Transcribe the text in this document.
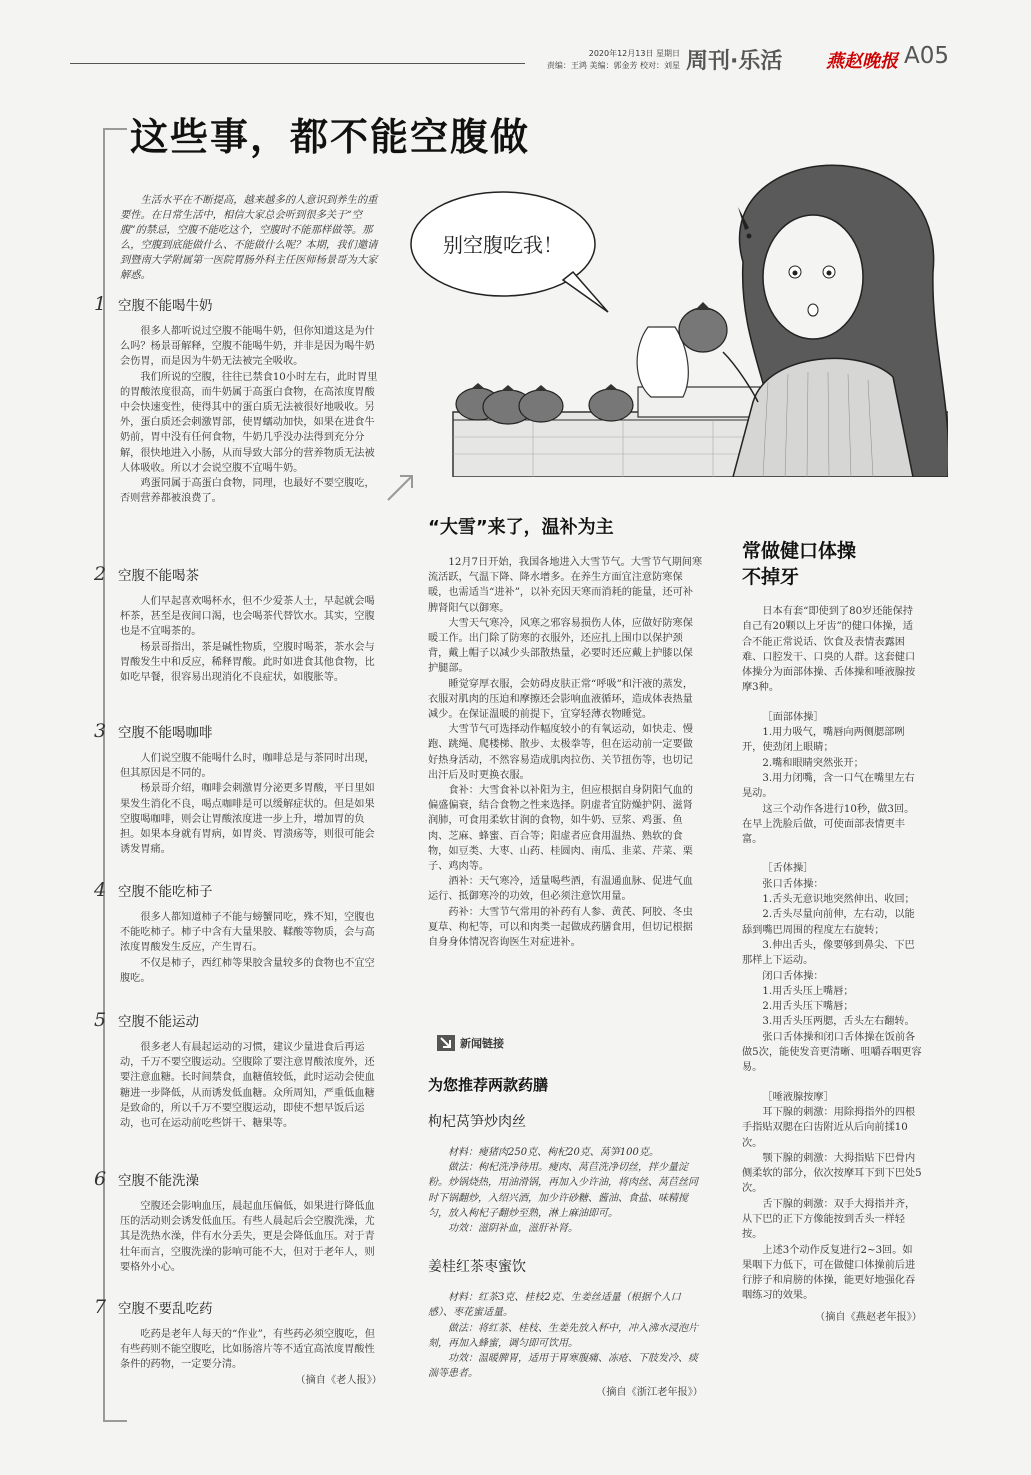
2020年12月13日 星期日
责编：王鸿 美编：郭金芳 校对：刘星 周刊·乐活 燕赵晚报 A05
这些事，都不能空腹做

生活水平在不断提高，越来越多的人意识到养生的重要性。在日常生活中，相信大家总会听到很多关于“空腹”的禁忌，空腹不能吃这个，空腹时不能那样做等。那么，空腹到底能做什么、不能做什么呢？本期，我们邀请到暨南大学附属第一医院胃肠外科主任医师杨景哥为大家解惑。

1 空腹不能喝牛奶

很多人都听说过空腹不能喝牛奶，但你知道这是为什么吗？杨景哥解释，空腹不能喝牛奶，并非是因为喝牛奶会伤胃，而是因为牛奶无法被完全吸收。

我们所说的空腹，往往已禁食10小时左右，此时胃里的胃酸浓度很高，而牛奶属于高蛋白食物，在高浓度胃酸中会快速变性，使得其中的蛋白质无法被很好地吸收。另外，蛋白质还会刺激胃部，使胃蠕动加快，如果在进食牛奶前，胃中没有任何食物，牛奶几乎没办法得到充分分解，很快地进入小肠，从而导致大部分的营养物质无法被人体吸收。所以才会说空腹不宜喝牛奶。

鸡蛋同属于高蛋白食物，同理，也最好不要空腹吃，否则营养都被浪费了。

2 空腹不能喝茶

人们早起喜欢喝杯水，但不少爱茶人士，早起就会喝杯茶，甚至是夜间口渴，也会喝茶代替饮水。其实，空腹也是不宜喝茶的。

杨景哥指出，茶是碱性物质，空腹时喝茶，茶水会与胃酸发生中和反应，稀释胃酸。此时如进食其他食物，比如吃早餐，很容易出现消化不良症状，如腹胀等。

3 空腹不能喝咖啡

人们说空腹不能喝什么时，咖啡总是与茶同时出现，但其原因是不同的。

杨景哥介绍，咖啡会刺激胃分泌更多胃酸，平日里如果发生消化不良，喝点咖啡是可以缓解症状的。但是如果空腹喝咖啡，则会让胃酸浓度进一步上升，增加胃的负担。如果本身就有胃病，如胃炎、胃溃疡等，则很可能会诱发胃痛。

4 空腹不能吃柿子

很多人都知道柿子不能与螃蟹同吃，殊不知，空腹也不能吃柿子。柿子中含有大量果胶、鞣酸等物质，会与高浓度胃酸发生反应，产生胃石。

不仅是柿子，西红柿等果胶含量较多的食物也不宜空腹吃。

5 空腹不能运动

很多老人有晨起运动的习惯，建议少量进食后再运动，千万不要空腹运动。空腹除了要注意胃酸浓度外，还要注意血糖。长时间禁食，血糖值较低，此时运动会使血糖进一步降低，从而诱发低血糖。众所周知，严重低血糖是致命的，所以千万不要空腹运动，即使不想早饭后运动，也可在运动前吃些饼干、糖果等。

6 空腹不能洗澡

空腹还会影响血压，晨起血压偏低，如果进行降低血压的活动则会诱发低血压。有些人晨起后会空腹洗澡，尤其是洗热水澡，伴有水分丢失，更是会降低血压。对于青壮年而言，空腹洗澡的影响可能不大，但对于老年人，则要格外小心。

7 空腹不要乱吃药

吃药是老年人每天的“作业”，有些药必须空腹吃，但有些药则不能空腹吃，比如肠溶片等不适宜高浓度胃酸性条件的药物，一定要分清。

（摘自《老人报》）

别空腹吃我！
“大雪”来了，温补为主

12月7日开始，我国各地进入大雪节气。大雪节气期间寒流活跃，气温下降、降水增多。在养生方面宜注意防寒保暖，也需适当“进补”，以补充因天寒而消耗的能量，还可补脾肾阳气以御寒。

大雪天气寒冷，风寒之邪容易损伤人体，应做好防寒保暖工作。出门除了防寒的衣服外，还应扎上围巾以保护颈背，戴上帽子以减少头部散热量，必要时还应戴上护膝以保护腿部。

睡觉穿厚衣服，会妨碍皮肤正常“呼吸”和汗液的蒸发，衣服对肌肉的压迫和摩擦还会影响血液循环，造成体表热量减少。在保证温暖的前提下，宜穿轻薄衣物睡觉。

大雪节气可选择动作幅度较小的有氧运动，如快走、慢跑、跳绳、爬楼梯、散步、太极拳等，但在运动前一定要做好热身活动，不然容易造成肌肉拉伤、关节扭伤等，也切记出汗后及时更换衣服。

食补：大雪食补以补阳为主，但应根据自身阴阳气血的偏盛偏衰，结合食物之性来选择。阴虚者宜防燥护阴、滋肾润肺，可食用柔软甘润的食物，如牛奶、豆浆、鸡蛋、鱼肉、芝麻、蜂蜜、百合等；阳虚者应食用温热、熟软的食物，如豆类、大枣、山药、桂圆肉、南瓜、韭菜、芹菜、栗子、鸡肉等。

酒补：天气寒冷，适量喝些酒，有温通血脉、促进气血运行、抵御寒冷的功效，但必须注意饮用量。

药补：大雪节气常用的补药有人参、黄芪、阿胶、冬虫夏草、枸杞等，可以和肉类一起做成药膳食用，但切记根据自身身体情况咨询医生对症进补。

新闻链接
为您推荐两款药膳
枸杞莴笋炒肉丝

材料：瘦猪肉250克、枸杞20克、莴笋100克。

做法：枸杞洗净待用。瘦肉、莴苣洗净切丝，拌少量淀粉。炒锅烧热，用油滑锅，再加入少许油，将肉丝、莴苣丝同时下锅翻炒，入绍兴酒，加少许砂糖、酱油、食盐、味精搅匀，放入枸杞子翻炒至熟，淋上麻油即可。

功效：滋阴补血，滋肝补肾。

姜桂红茶枣蜜饮

材料：红茶3克、桂枝2克、生姜丝适量（根据个人口感）、枣花蜜适量。

做法：将红茶、桂枝、生姜先放入杯中，冲入沸水浸泡片刻，再加入蜂蜜，调匀即可饮用。

功效：温暖脾胃，适用于胃寒腹痛、冻疮、下肢发冷、痰湍等患者。

（摘自《浙江老年报》）

常做健口体操
不掉牙

日本有套“即使到了80岁还能保持自己有20颗以上牙齿”的健口体操，适合不能正常说话、饮食及表情表露困难、口腔发干、口臭的人群。这套健口体操分为面部体操、舌体操和唾液腺按摩3种。

［面部体操］

1.用力吸气，嘴唇向两侧腮部咧开，使劲闭上眼睛；

2.嘴和眼睛突然张开；

3.用力闭嘴，含一口气在嘴里左右晃动。

这三个动作各进行10秒，做3回。在早上洗脸后做，可使面部表情更丰富。

［舌体操］

张口舌体操：

1.舌头无意识地突然伸出、收回；

2.舌头尽量向前伸，左右动，以能舔到嘴巴周围的程度左右旋转；

3.伸出舌头，像要够到鼻尖、下巴那样上下运动。

闭口舌体操：

1.用舌头压上嘴唇；

2.用舌头压下嘴唇；

3.用舌头压两腮，舌头左右翻转。

张口舌体操和闭口舌体操在饭前各做5次，能使发音更清晰、咀嚼吞咽更容易。

［唾液腺按摩］

耳下腺的刺激：用除拇指外的四根手指贴双腮在臼齿附近从后向前揉10次。

颚下腺的刺激：大拇指贴下巴骨内侧柔软的部分，依次按摩耳下到下巴处5次。

舌下腺的刺激：双手大拇指并齐，从下巴的正下方像能按到舌头一样轻按。

上述3个动作反复进行2~3回。如果咽下力低下，可在做健口体操前后进行脖子和肩膀的体操，能更好地强化吞咽练习的效果。

（摘自《燕赵老年报》）
